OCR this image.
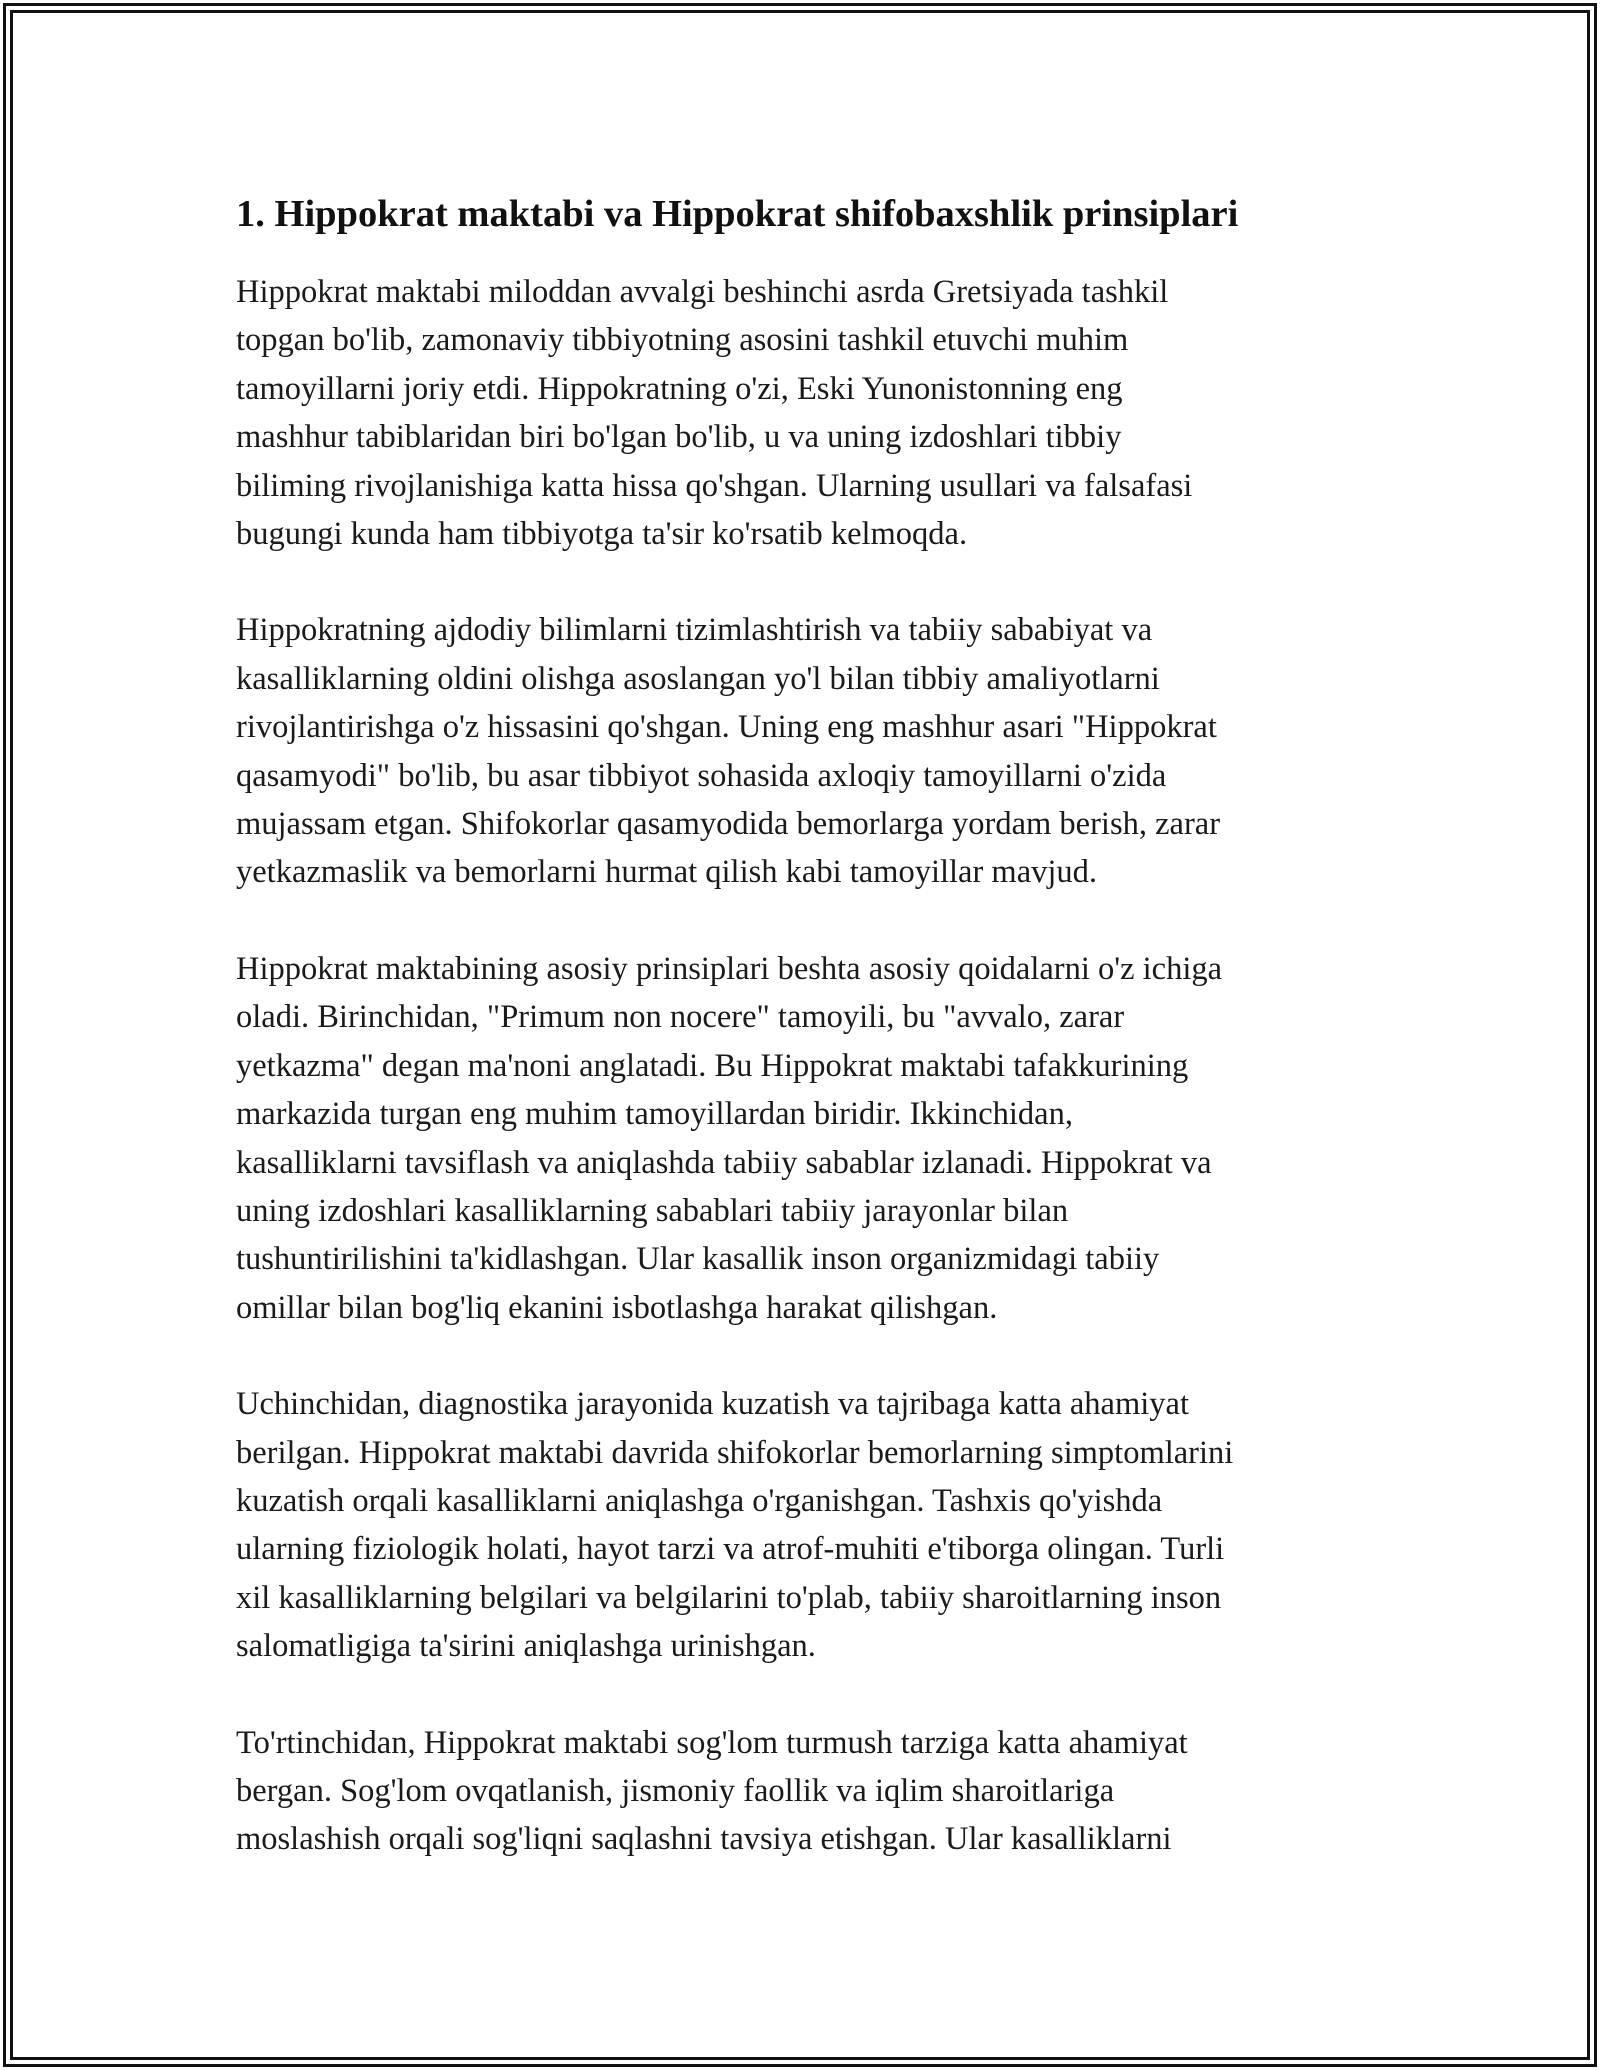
1. Hippokrat maktabi va Hippokrat shifobaxshlik prinsiplari

Hippokrat maktabi miloddan avvalgi beshinchi asrda Gretsiyada tashkil
topgan bo'lib, zamonaviy tibbiyotning asosini tashkil etuvchi muhim
tamoyillarni joriy etdi. Hippokratning o'zi, Eski Yunonistonning eng
mashhur tabiblaridan biri bo'lgan bo'lib, u va uning izdoshlari tibbiy
biliming rivojlanishiga katta hissa qo'shgan. Ularning usullari va falsafasi
bugungi kunda ham tibbiyotga ta'sir ko'rsatib kelmoqda.

Hippokratning ajdodiy bilimlarni tizimlashtirish va tabiiy sababiyat va
kasalliklarning oldini olishga asoslangan yo'l bilan tibbiy amaliyotlarni
rivojlantirishga o'z hissasini qo'shgan. Uning eng mashhur asari "Hippokrat
qasamyodi" bo'lib, bu asar tibbiyot sohasida axloqiy tamoyillarni o'zida
mujassam etgan. Shifokorlar qasamyodida bemorlarga yordam berish, zarar
yetkazmaslik va bemorlarni hurmat qilish kabi tamoyillar mavjud.

Hippokrat maktabining asosiy prinsiplari beshta asosiy qoidalarni o'z ichiga
oladi. Birinchidan, "Primum non nocere" tamoyili, bu "avvalo, zarar
yetkazma" degan ma'noni anglatadi. Bu Hippokrat maktabi tafakkurining
markazida turgan eng muhim tamoyillardan biridir. Ikkinchidan,
kasalliklarni tavsiflash va aniqlashda tabiiy sabablar izlanadi. Hippokrat va
uning izdoshlari kasalliklarning sabablari tabiiy jarayonlar bilan
tushuntirilishini ta'kidlashgan. Ular kasallik inson organizmidagi tabiiy
omillar bilan bog'liq ekanini isbotlashga harakat qilishgan.

Uchinchidan, diagnostika jarayonida kuzatish va tajribaga katta ahamiyat
berilgan. Hippokrat maktabi davrida shifokorlar bemorlarning simptomlarini
kuzatish orqali kasalliklarni aniqlashga o'rganishgan. Tashxis qo'yishda
ularning fiziologik holati, hayot tarzi va atrof-muhiti e'tiborga olingan. Turli
xil kasalliklarning belgilari va belgilarini to'plab, tabiiy sharoitlarning inson
salomatligiga ta'sirini aniqlashga urinishgan.

To'rtinchidan, Hippokrat maktabi sog'lom turmush tarziga katta ahamiyat
bergan. Sog'lom ovqatlanish, jismoniy faollik va iqlim sharoitlariga
moslashish orqali sog'liqni saqlashni tavsiya etishgan. Ular kasalliklarni
